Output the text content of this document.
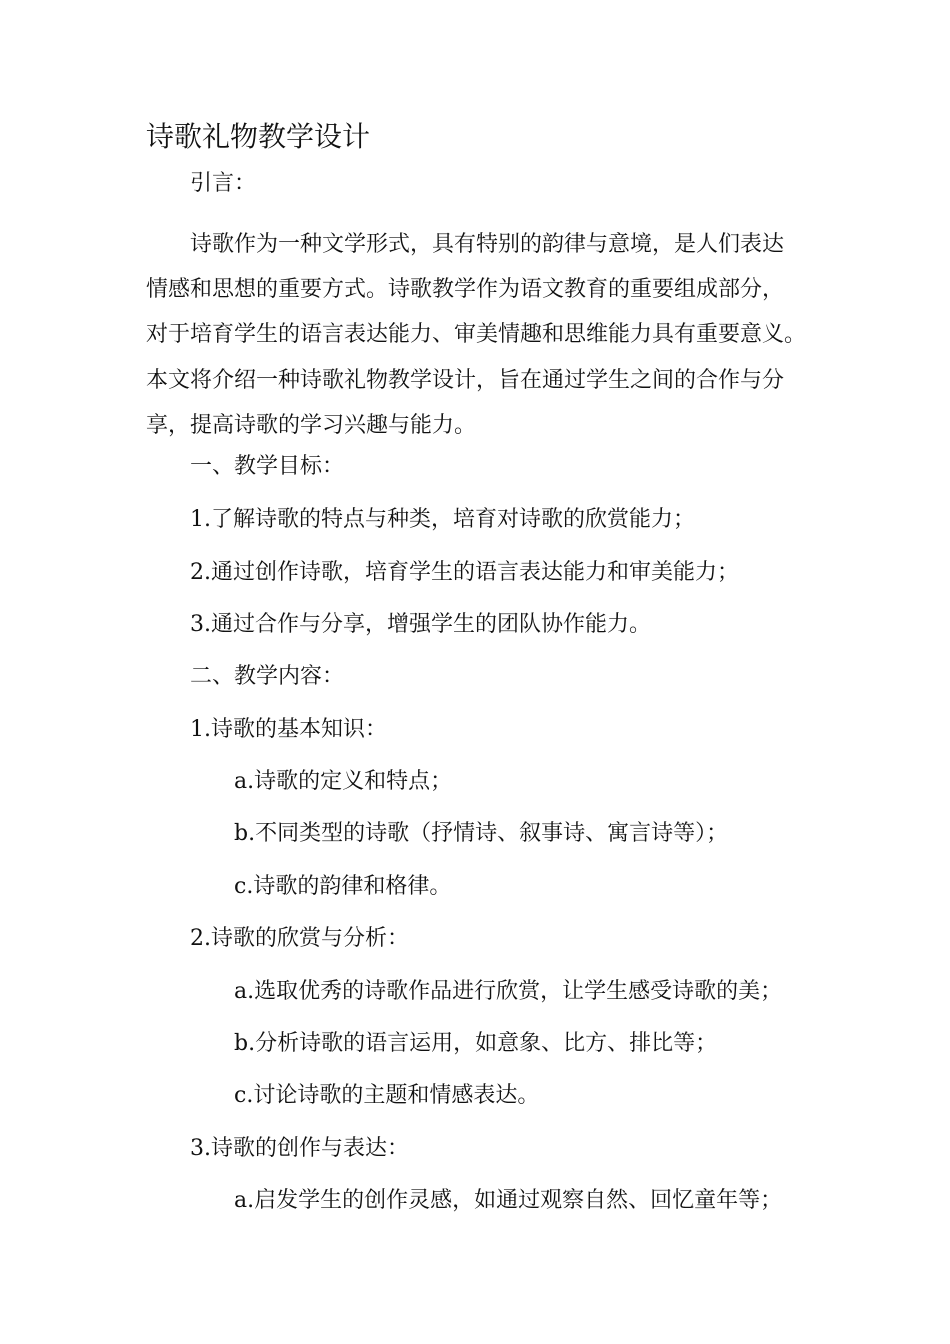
诗歌礼物教学设计

引言：

诗歌作为一种文学形式，具有特别的韵律与意境，是人们表达
情感和思想的重要方式。诗歌教学作为语文教育的重要组成部分，
对于培育学生的语言表达能力、审美情趣和思维能力具有重要意义。
本文将介绍一种诗歌礼物教学设计，旨在通过学生之间的合作与分
享，提高诗歌的学习兴趣与能力。

一、教学目标：

1.了解诗歌的特点与种类，培育对诗歌的欣赏能力；

2.通过创作诗歌，培育学生的语言表达能力和审美能力；

3.通过合作与分享，增强学生的团队协作能力。

二、教学内容：

1.诗歌的基本知识：

a.诗歌的定义和特点；

b.不同类型的诗歌（抒情诗、叙事诗、寓言诗等）；

c.诗歌的韵律和格律。

2.诗歌的欣赏与分析：

a.选取优秀的诗歌作品进行欣赏，让学生感受诗歌的美；

b.分析诗歌的语言运用，如意象、比方、排比等；

c.讨论诗歌的主题和情感表达。

3.诗歌的创作与表达：

a.启发学生的创作灵感，如通过观察自然、回忆童年等；
